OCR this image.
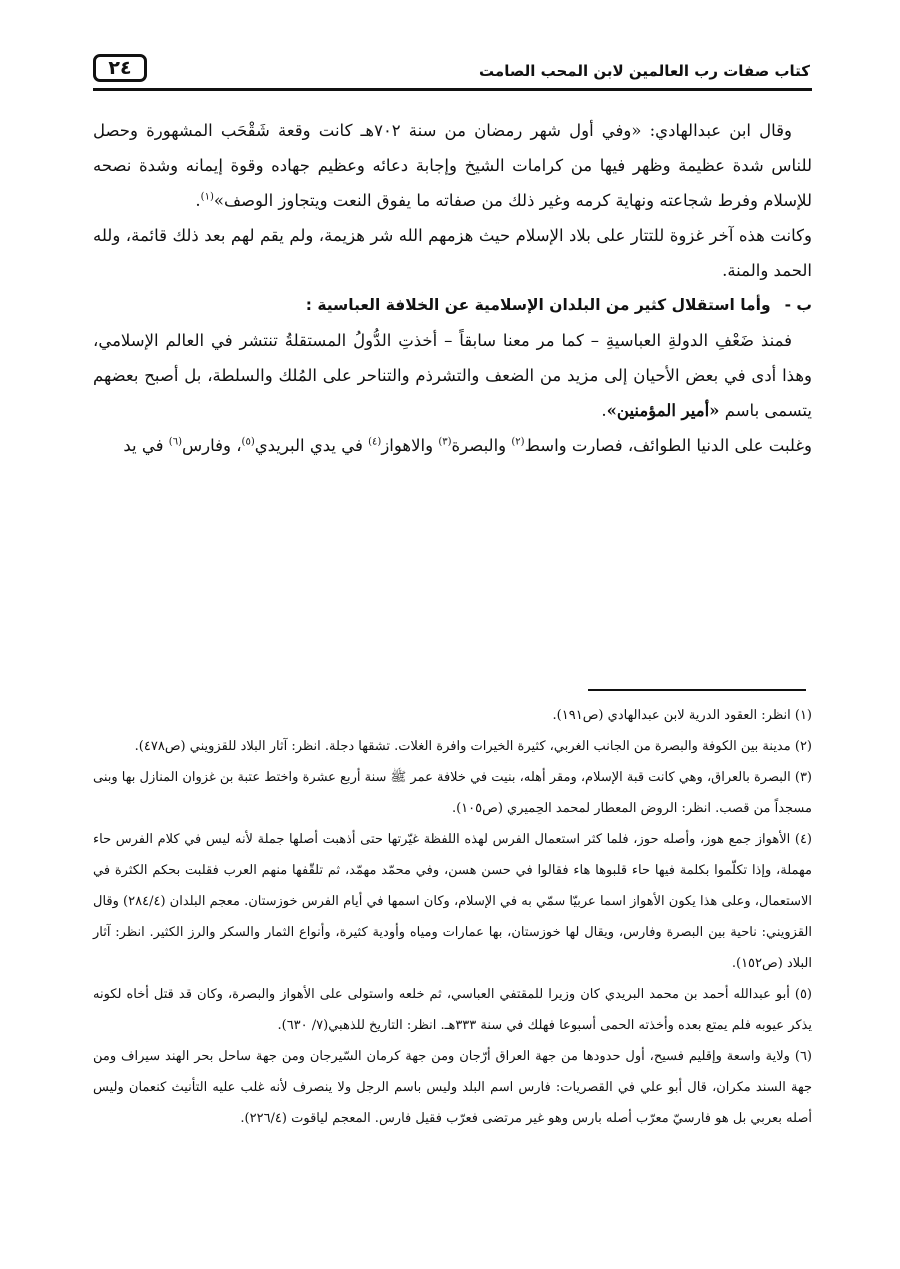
٢٤	كتاب صفات رب العالمين لابن المحب الصامت

وقال ابن عبدالهادي: «وفي أول شهر رمضان من سنة ٧٠٢هـ كانت وقعة شَقْحَب المشهورة وحصل للناس شدة عظيمة وظهر فيها من كرامات الشيخ وإجابة دعائه وعظيم جهاده وقوة إيمانه وشدة نصحه للإسلام وفرط شجاعته ونهاية كرمه وغير ذلك من صفاته ما يفوق النعت ويتجاوز الوصف»$^{(١)}$.

وكانت هذه آخر غزوة للتتار على بلاد الإسلام حيث هزمهم الله شر هزيمة، ولم يقم لهم بعد ذلك قائمة، ولله الحمد والمنة.

ب -وأما استقلال كثير من البلدان الإسلامية عن الخلافة العباسية :

فمنذ ضَعْفِ الدولةِ العباسيةِ – كما مر معنا سابقاً – أخذتِ الدُّولُ المستقلةُ تنتشر في العالم الإسلامي، وهذا أدى في بعض الأحيان إلى مزيد من الضعف والتشرذم والتناحر على المُلك والسلطة، بل أصبح بعضهم يتسمى باسم «أمير المؤمنين».

وغلبت على الدنيا الطوائف، فصارت واسط$^{(٢)}$ والبصرة$^{(٣)}$ والاهواز$^{(٤)}$ في يدي البريدي$^{(٥)}$، وفارس$^{(٦)}$ في يد

(١) انظر: العقود الدرية لابن عبدالهادي (ص١٩١).

(٢) مدينة بين الكوفة والبصرة من الجانب الغربي، كثيرة الخيرات وافرة الغلات. تشقها دجلة. انظر: آثار البلاد للقزويني (ص٤٧٨).

(٣) البصرة بالعراق، وهي كانت قبة الإسلام، ومقر أهله، بنيت في خلافة عمر ﷺ سنة أربع عشرة واختط عتبة بن غزوان المنازل بها وبنى مسجداً من قصب. انظر: الروض المعطار لمحمد الحِميري (ص١٠٥).

(٤) الأهواز جمع هوز، وأصله حوز، فلما كثر استعمال الفرس لهذه اللفظة غيّرتها حتى أذهبت أصلها جملة لأنه ليس في كلام الفرس حاء مهملة، وإذا تكلّموا بكلمة فيها حاء قلبوها هاء فقالوا في حسن هسن، وفي محمّد مهمّد، ثم تلقّفها منهم العرب فقلبت بحكم الكثرة في الاستعمال، وعلى هذا يكون الأهواز اسما عربيّا سمّي به في الإسلام، وكان اسمها في أيام الفرس خوزستان. معجم البلدان (٢٨٤/٤) وقال القزويني: ناحية بين البصرة وفارس، ويقال لها خوزستان، بها عمارات ومياه وأودية كثيرة، وأنواع الثمار والسكر والرز الكثير. انظر: آثار البلاد (ص١٥٢).

(٥) أبو عبدالله أحمد بن محمد البريدي كان وزيرا للمقتفي العباسي، ثم خلعه واستولى على الأهواز والبصرة، وكان قد قتل أخاه لكونه يذكر عيوبه فلم يمتع بعده وأخذته الحمى أسبوعا فهلك في سنة ٣٣٣هـ. انظر: التاريخ للذهبي(٧/ ٦٣٠).

(٦) ولاية واسعة وإقليم فسيح، أول حدودها من جهة العراق أرّجان ومن جهة كرمان السّيرجان ومن جهة ساحل بحر الهند سيراف ومن جهة السند مكران، قال أبو علي في القصريات: فارس اسم البلد وليس باسم الرجل ولا ينصرف لأنه غلب عليه التأنيث كنعمان وليس أصله بعربي بل هو فارسيّ معرّب أصله بارس وهو غير مرتضى فعرّب فقيل فارس. المعجم لياقوت (٢٢٦/٤).
